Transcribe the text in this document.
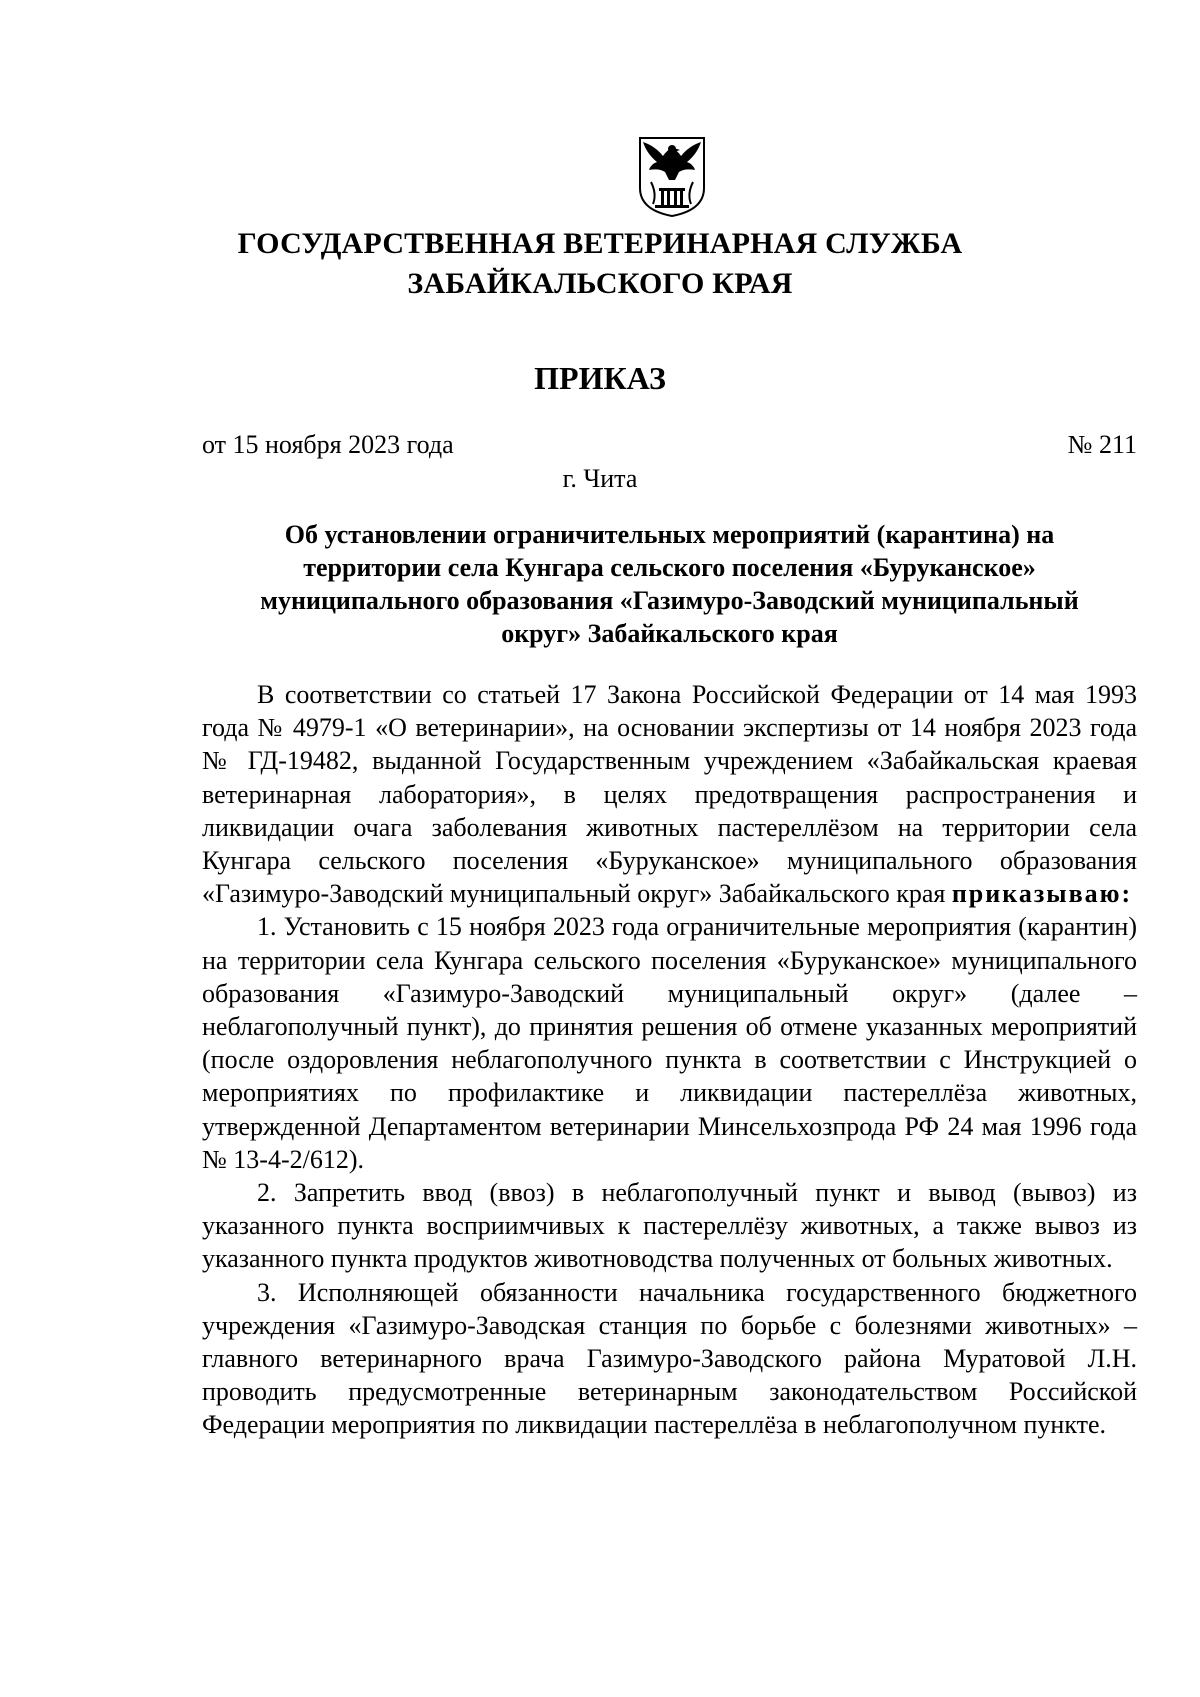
ГОСУДАРСТВЕННАЯ ВЕТЕРИНАРНАЯ СЛУЖБА
ЗАБАЙКАЛЬСКОГО КРАЯ
ПРИКАЗ
от 15 ноября 2023 года	№ 211
г. Чита
Об установлении ограничительных мероприятий (карантина) на
территории села Кунгара сельского поселения «Буруканское»
муниципального образования «Газимуро-Заводский муниципальный
округ» Забайкальского края

В соответствии со статьей 17 Закона Российской Федерации от 14 мая 1993 года № 4979-1 «О ветеринарии», на основании экспертизы от 14 ноября 2023 года № ГД-19482, выданной Государственным учреждением «Забайкальская краевая ветеринарная лаборатория», в целях предотвращения распространения и ликвидации очага заболевания животных пастереллёзом на территории села Кунгара сельского поселения «Буруканское» муниципального образования «Газимуро-Заводский муниципальный округ» Забайкальского края приказываю:

1. Установить с 15 ноября 2023 года ограничительные мероприятия (карантин) на территории села Кунгара сельского поселения «Буруканское» муниципального образования «Газимуро-Заводский муниципальный округ» (далее – неблагополучный пункт), до принятия решения об отмене указанных мероприятий (после оздоровления неблагополучного пункта в соответствии с Инструкцией о мероприятиях по профилактике и ликвидации пастереллёза животных, утвержденной Департаментом ветеринарии Минсельхозпрода РФ 24 мая 1996 года № 13-4-2/612).

2. Запретить ввод (ввоз) в неблагополучный пункт и вывод (вывоз) из указанного пункта восприимчивых к пастереллёзу животных, а также вывоз из указанного пункта продуктов животноводства полученных от больных животных.

3. Исполняющей обязанности начальника государственного бюджетного учреждения «Газимуро-Заводская станция по борьбе с болезнями животных» – главного ветеринарного врача Газимуро-Заводского района Муратовой Л.Н. проводить предусмотренные ветеринарным законодательством Российской Федерации мероприятия по ликвидации пастереллёза в неблагополучном пункте.
